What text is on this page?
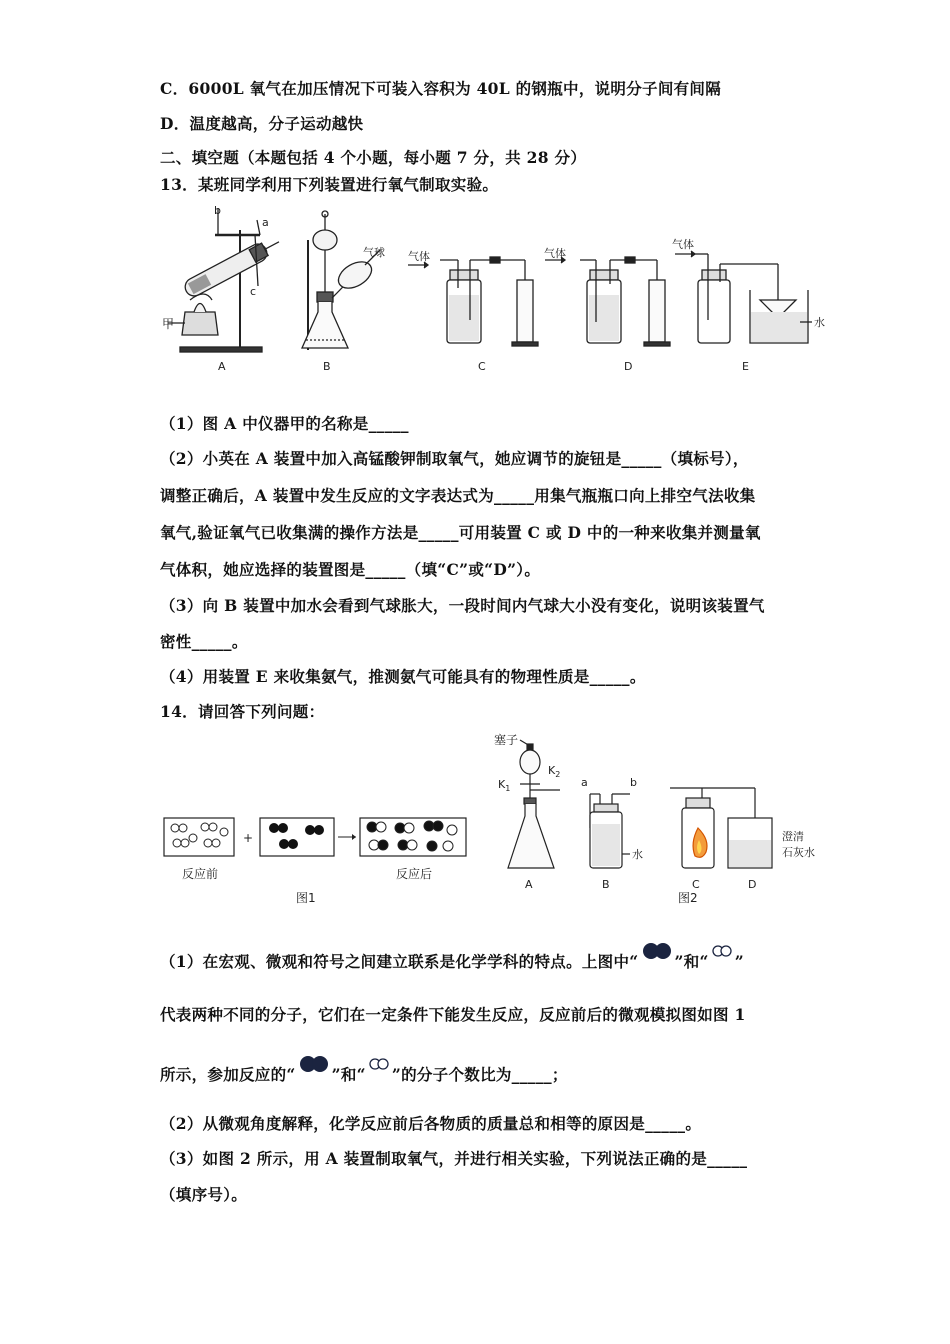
C．6000L 氧气在加压情况下可装入容积为 40L 的钢瓶中，说明分子间有间隔
D．温度越高，分子运动越快
二、填空题（本题包括 4 个小题，每小题 7 分，共 28 分）
13．某班同学利用下列装置进行氧气制取实验。
b
a
c
甲
A
气球
B
气体
C
气体
D
气体
水
E
（1）图 A 中仪器甲的名称是_____
（2）小英在 A 装置中加入高锰酸钾制取氧气，她应调节的旋钮是_____（填标号），
调整正确后，A 装置中发生反应的文字表达式为_____用集气瓶瓶口向上排空气法收集
氧气,验证氧气已收集满的操作方法是_____可用装置 C 或 D 中的一种来收集并测量氧
气体积，她应选择的装置图是_____（填“C”或“D”）。
（3）向 B 装置中加水会看到气球胀大，一段时间内气球大小没有变化，说明该装置气
密性_____。
（4）用装置 E 来收集氨气，推测氨气可能具有的物理性质是_____。
14．请回答下列问题：
+
反应前	反应后
图1
塞子
$K_1$
$K_2$
A
a	b
水
B	C	D
澄清
石灰水
图2
（1）在宏观、微观和符号之间建立联系是化学学科的特点。上图中“ ”和“ ”
代表两种不同的分子，它们在一定条件下能发生反应，反应前后的微观模拟图如图 1
所示，参加反应的“ ”和“ ”的分子个数比为_____；
（2）从微观角度解释，化学反应前后各物质的质量总和相等的原因是_____。
（3）如图 2 所示，用 A 装置制取氧气，并进行相关实验，下列说法正确的是_____
（填序号）。
